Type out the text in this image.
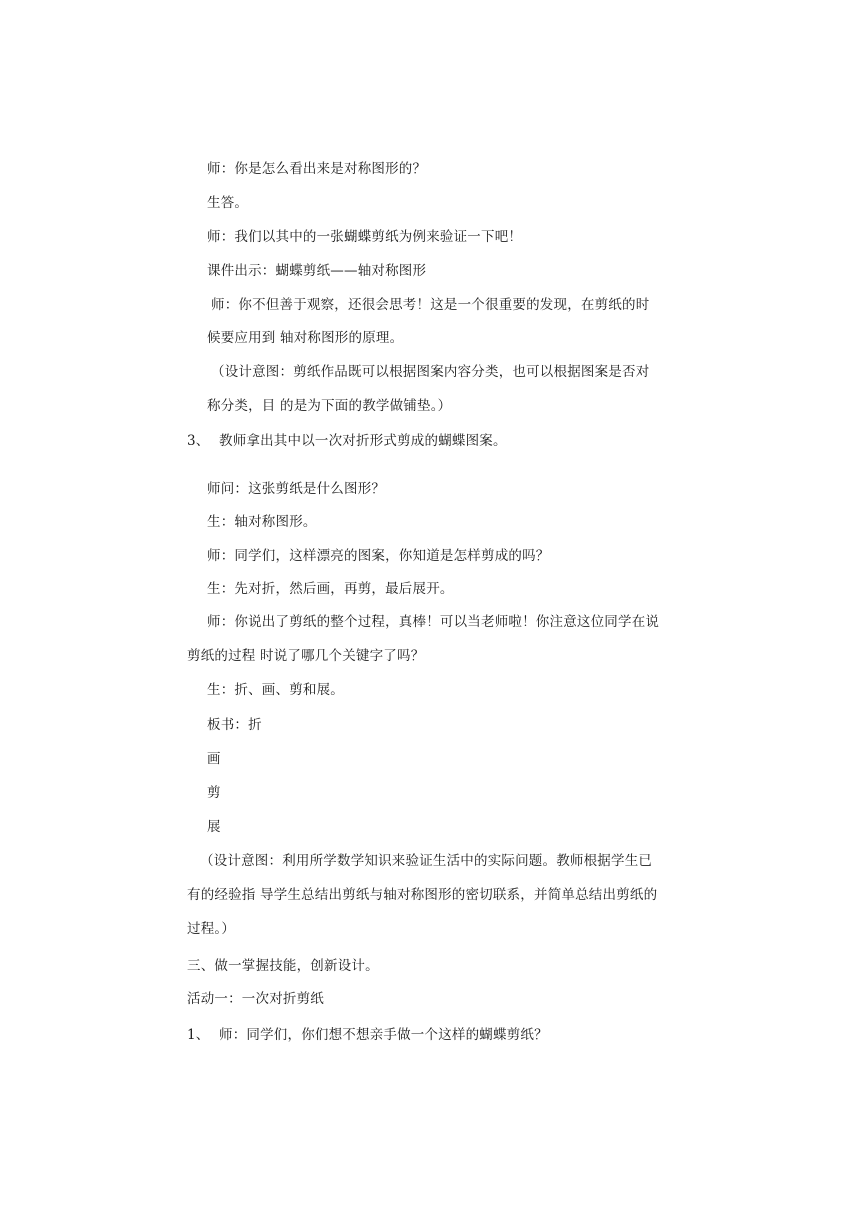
师：你是怎么看出来是对称图形的？
生答。
师：我们以其中的一张蝴蝶剪纸为例来验证一下吧！
课件出示：蝴蝶剪纸——轴对称图形
师：你不但善于观察，还很会思考！这是一个很重要的发现，在剪纸的时
候要应用到 轴对称图形的原理。
（设计意图：剪纸作品既可以根据图案内容分类，也可以根据图案是否对
称分类，目 的是为下面的教学做铺垫。）
3、 教师拿出其中以一次对折形式剪成的蝴蝶图案。
师问：这张剪纸是什么图形？
生：轴对称图形。
师：同学们，这样漂亮的图案，你知道是怎样剪成的吗？
生：先对折，然后画，再剪，最后展开。
师：你说出了剪纸的整个过程，真棒！可以当老师啦！你注意这位同学在说
剪纸的过程 时说了哪几个关键字了吗？
生：折、画、剪和展。
板书：折
画
剪
展
（设计意图：利用所学数学知识来验证生活中的实际问题。教师根据学生已
有的经验指 导学生总结出剪纸与轴对称图形的密切联系，并简单总结出剪纸的
过程。）
三、做一掌握技能，创新设计。
活动一：一次对折剪纸
1、 师：同学们，你们想不想亲手做一个这样的蝴蝶剪纸？
